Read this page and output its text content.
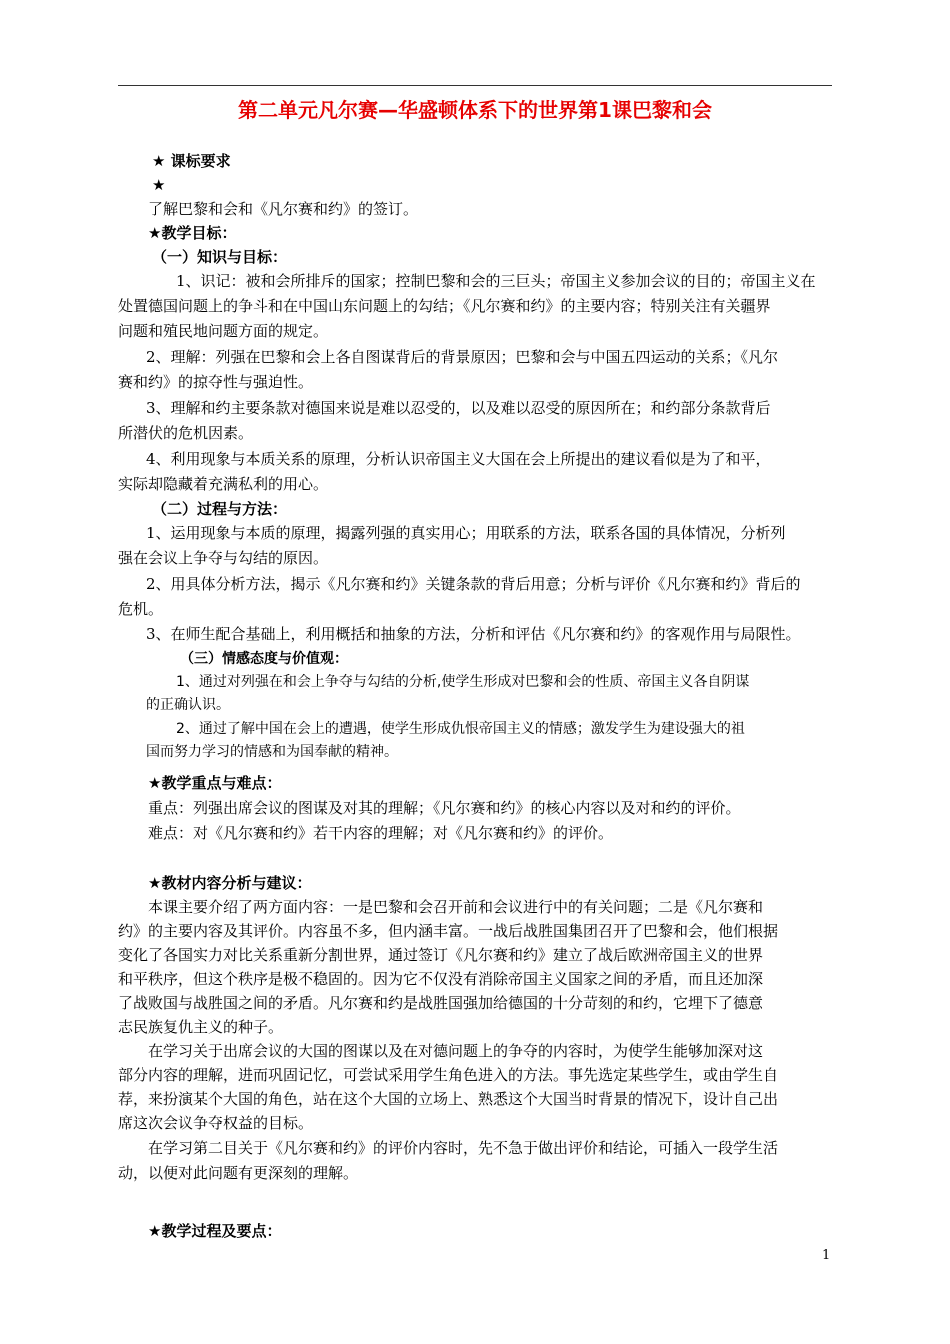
第二单元凡尔赛—华盛顿体系下的世界第1课巴黎和会
★ 课标要求
★
了解巴黎和会和《凡尔赛和约》的签订。
★教学目标：
（一）知识与目标：
1、识记：被和会所排斥的国家；控制巴黎和会的三巨头；帝国主义参加会议的目的；帝国主义在
处置德国问题上的争斗和在中国山东问题上的勾结；《凡尔赛和约》的主要内容；特别关注有关疆界
问题和殖民地问题方面的规定。
2、理解：列强在巴黎和会上各自图谋背后的背景原因；巴黎和会与中国五四运动的关系；《凡尔
赛和约》的掠夺性与强迫性。
3、理解和约主要条款对德国来说是难以忍受的，以及难以忍受的原因所在；和约部分条款背后
所潜伏的危机因素。
4、利用现象与本质关系的原理，分析认识帝国主义大国在会上所提出的建议看似是为了和平，
实际却隐藏着充满私利的用心。
（二）过程与方法：
1、运用现象与本质的原理，揭露列强的真实用心；用联系的方法，联系各国的具体情况，分析列
强在会议上争夺与勾结的原因。
2、用具体分析方法，揭示《凡尔赛和约》关键条款的背后用意；分析与评价《凡尔赛和约》背后的
危机。
3、在师生配合基础上，利用概括和抽象的方法，分析和评估《凡尔赛和约》的客观作用与局限性。
（三）情感态度与价值观：
1、通过对列强在和会上争夺与勾结的分析,使学生形成对巴黎和会的性质、帝国主义各自阴谋
的正确认识。
2、通过了解中国在会上的遭遇，使学生形成仇恨帝国主义的情感；激发学生为建设强大的祖
国而努力学习的情感和为国奉献的精神。
★教学重点与难点：
重点：列强出席会议的图谋及对其的理解；《凡尔赛和约》的核心内容以及对和约的评价。
难点：对《凡尔赛和约》若干内容的理解；对《凡尔赛和约》的评价。
★教材内容分析与建议：
本课主要介绍了两方面内容：一是巴黎和会召开前和会议进行中的有关问题；二是《凡尔赛和
约》的主要内容及其评价。内容虽不多，但内涵丰富。一战后战胜国集团召开了巴黎和会，他们根据
变化了各国实力对比关系重新分割世界，通过签订《凡尔赛和约》建立了战后欧洲帝国主义的世界
和平秩序，但这个秩序是极不稳固的。因为它不仅没有消除帝国主义国家之间的矛盾，而且还加深
了战败国与战胜国之间的矛盾。凡尔赛和约是战胜国强加给德国的十分苛刻的和约，它埋下了德意
志民族复仇主义的种子。
在学习关于出席会议的大国的图谋以及在对德问题上的争夺的内容时，为使学生能够加深对这
部分内容的理解，进而巩固记忆，可尝试采用学生角色进入的方法。事先选定某些学生，或由学生自
荐，来扮演某个大国的角色，站在这个大国的立场上、熟悉这个大国当时背景的情况下，设计自己出
席这次会议争夺权益的目标。
在学习第二目关于《凡尔赛和约》的评价内容时，先不急于做出评价和结论，可插入一段学生活
动，以便对此问题有更深刻的理解。
★教学过程及要点：
1
